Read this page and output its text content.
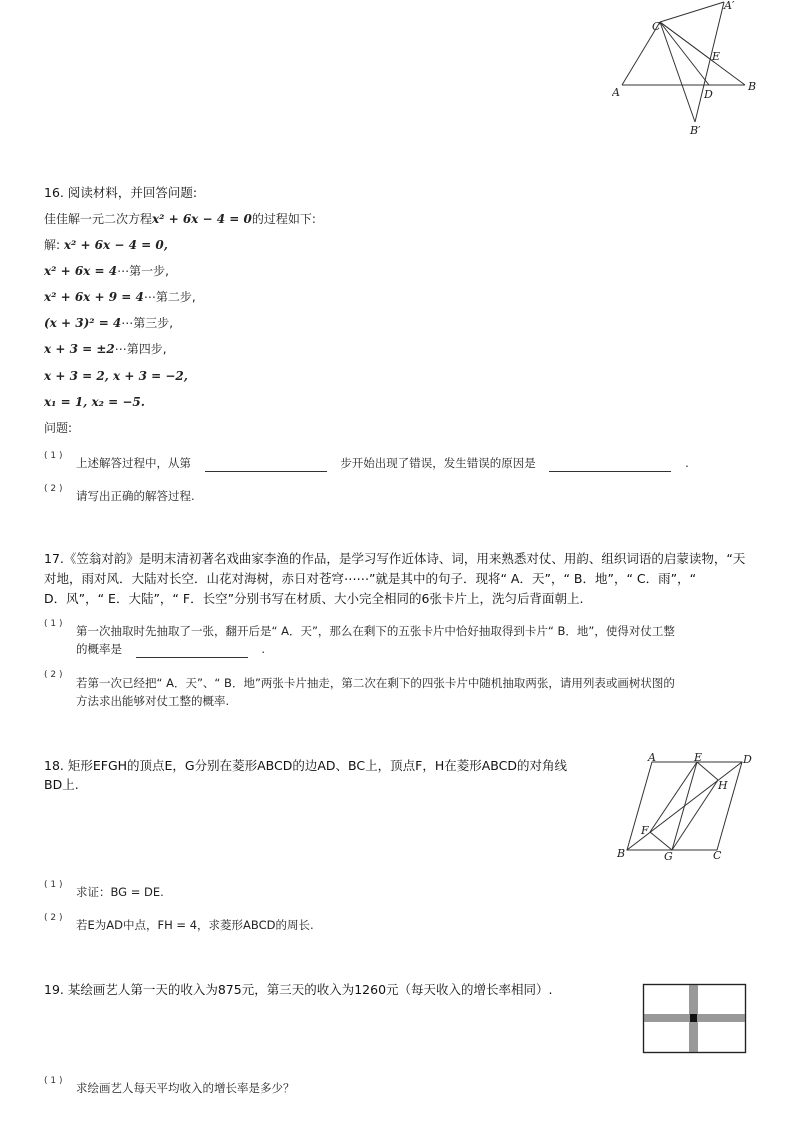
A	B
C
D
E
A′
B′
16. 阅读材料，并回答问题:
佳佳解一元二次方程x² + 6x − 4 = 0的过程如下:
解: x² + 6x − 4 = 0,
x² + 6x = 4⋯第一步,
x² + 6x + 9 = 4⋯第二步,
(x + 3)² = 4⋯第三步,
x + 3 = ±2⋯第四步,
x + 3 = 2, x + 3 = −2,
x₁ = 1, x₂ = −5.
问题:
( 1 ) 上述解答过程中，从第	步开始出现了错误，发生错误的原因是	.
( 2 ) 请写出正确的解答过程.
17.《笠翁对韵》是明末清初著名戏曲家李渔的作品，是学习写作近体诗、词，用来熟悉对仗、用韵、组织词语的启蒙读物，“天
对地，雨对风．大陆对长空．山花对海树，赤日对苍穹⋯⋯”就是其中的句子．现将“ A．天”，“ B．地”，“ C．雨”，“
D．风”，“ E．大陆”，“ F．长空”分别书写在材质、大小完全相同的6张卡片上，洗匀后背面朝上.
( 1 ) 第一次抽取时先抽取了一张，翻开后是“ A．天”，那么在剩下的五张卡片中恰好抽取得到卡片“ B．地”，使得对仗工整
的概率是	.
( 2 )
若第一次已经把“ A．天”、“ B．地”两张卡片抽走，第二次在剩下的四张卡片中随机抽取两张，请用列表或画树状图的
方法求出能够对仗工整的概率.
18. 矩形EFGH的顶点E，G分别在菱形ABCD的边AD、BC上，顶点F，H在菱形ABCD的对角线
BD上.
A	E	D
H
F
B	G	C
( 1 ) 求证：BG = DE.
( 2 ) 若E为AD中点，FH = 4，求菱形ABCD的周长.
19. 某绘画艺人第一天的收入为875元，第三天的收入为1260元（每天收入的增长率相同）.
( 1 ) 求绘画艺人每天平均收入的增长率是多少？
